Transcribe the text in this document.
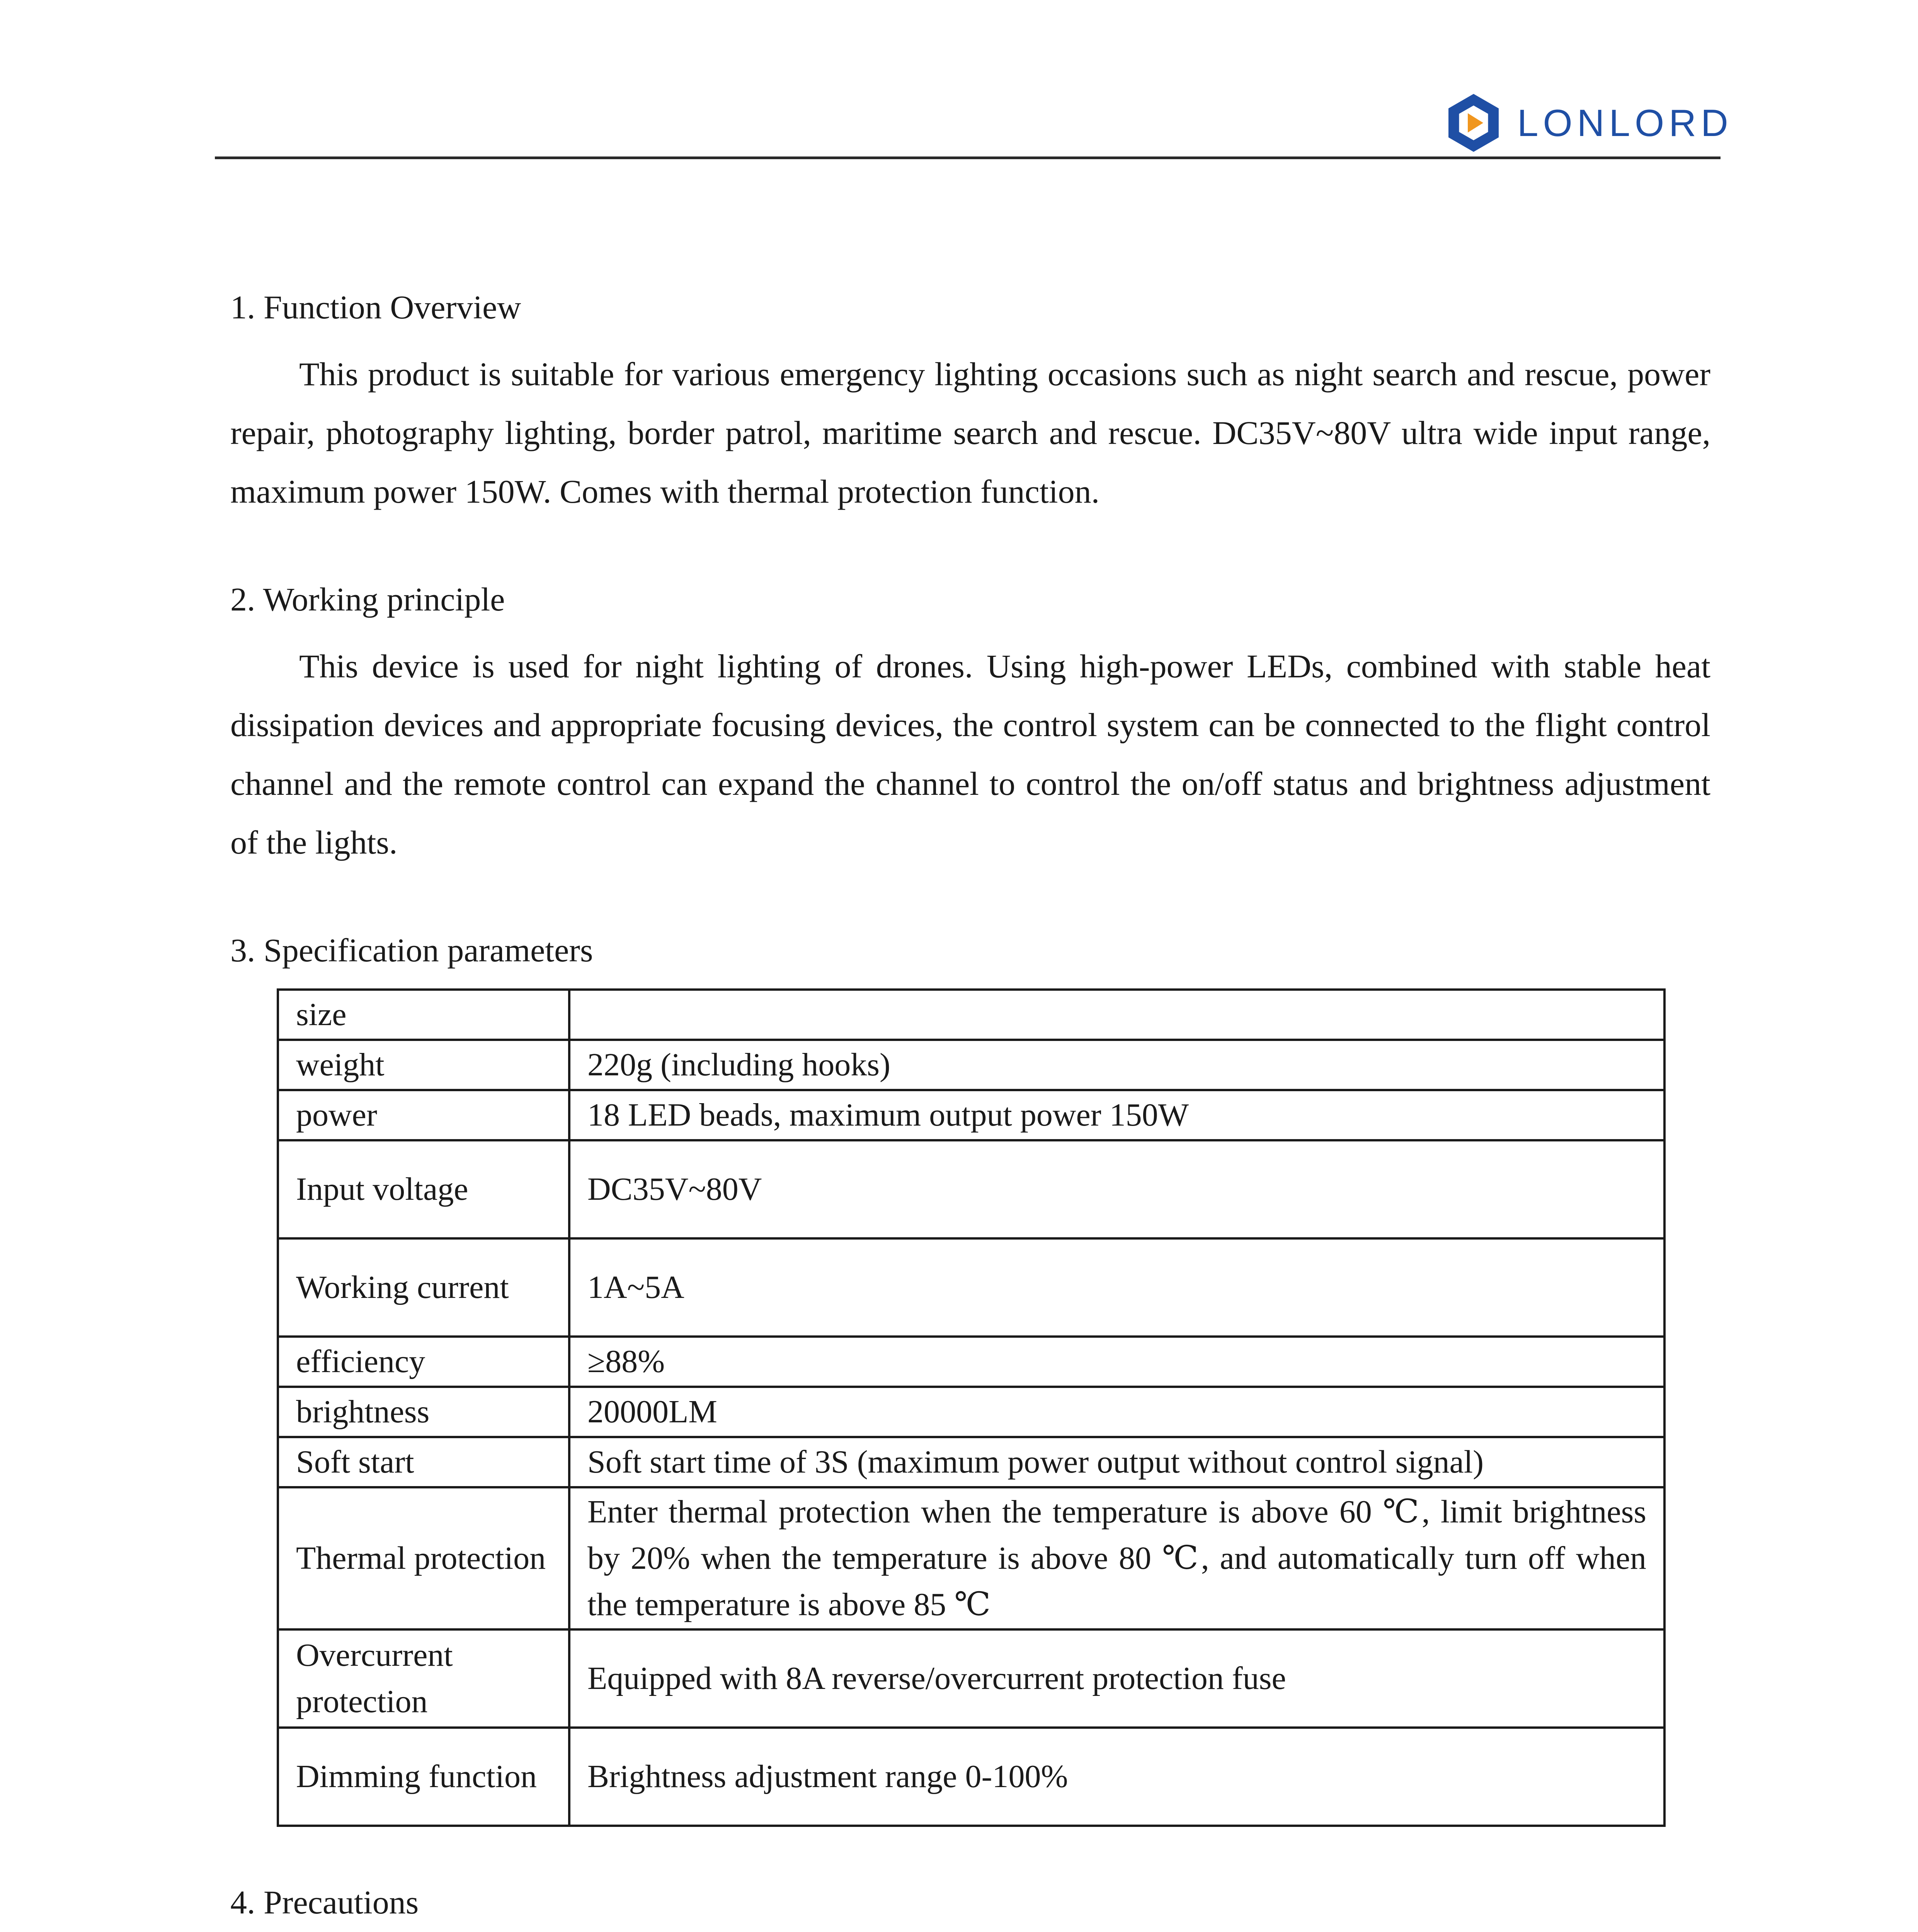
LONLORD

1. Function Overview

This product is suitable for various emergency lighting occasions such as night search and rescue, power repair, photography lighting, border patrol, maritime search and rescue. DC35V~80V ultra wide input range, maximum power 150W. Comes with thermal protection function.

2. Working principle

This device is used for night lighting of drones. Using high-power LEDs, combined with stable heat dissipation devices and appropriate focusing devices, the control system can be connected to the flight control channel and the remote control can expand the channel to control the on/off status and brightness adjustment of the lights.

3. Specification parameters

size	
weight	220g (including hooks)
power	18 LED beads, maximum output power 150W
Input voltage	DC35V~80V
Working current	1A~5A
efficiency	≥88%
brightness	20000LM
Soft start	Soft start time of 3S (maximum power output without control signal)
Thermal protection	Enter thermal protection when the temperature is above 60 ℃, limit brightness by 20% when the temperature is above 80 ℃, and automatically turn off when the temperature is above 85 ℃
Overcurrent protection	Equipped with 8A reverse/overcurrent protection fuse
Dimming function	Brightness adjustment range 0-100%

4. Precautions
